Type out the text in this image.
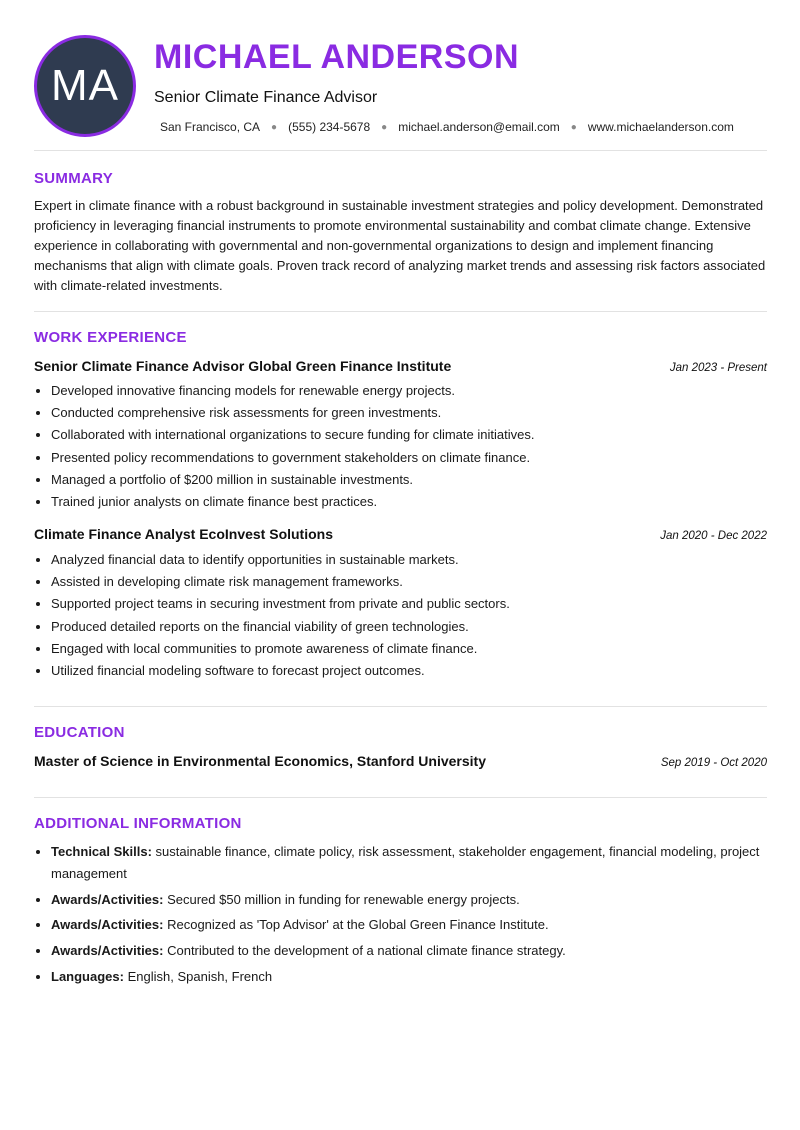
MA
MICHAEL ANDERSON
Senior Climate Finance Advisor
San Francisco, CA ● (555) 234-5678 ● michael.anderson@email.com ● www.michaelanderson.com
SUMMARY
Expert in climate finance with a robust background in sustainable investment strategies and policy development. Demonstrated proficiency in leveraging financial instruments to promote environmental sustainability and combat climate change. Extensive experience in collaborating with governmental and non-governmental organizations to design and implement financing mechanisms that align with climate goals. Proven track record of analyzing market trends and assessing risk factors associated with climate-related investments.
WORK EXPERIENCE
Senior Climate Finance Advisor Global Green Finance Institute	Jan 2023 - Present
• Developed innovative financing models for renewable energy projects.
• Conducted comprehensive risk assessments for green investments.
• Collaborated with international organizations to secure funding for climate initiatives.
• Presented policy recommendations to government stakeholders on climate finance.
• Managed a portfolio of $200 million in sustainable investments.
• Trained junior analysts on climate finance best practices.
Climate Finance Analyst EcoInvest Solutions	Jan 2020 - Dec 2022
• Analyzed financial data to identify opportunities in sustainable markets.
• Assisted in developing climate risk management frameworks.
• Supported project teams in securing investment from private and public sectors.
• Produced detailed reports on the financial viability of green technologies.
• Engaged with local communities to promote awareness of climate finance.
• Utilized financial modeling software to forecast project outcomes.
EDUCATION
Master of Science in Environmental Economics, Stanford University	Sep 2019 - Oct 2020
ADDITIONAL INFORMATION
• Technical Skills: sustainable finance, climate policy, risk assessment, stakeholder engagement, financial modeling, project management
• Awards/Activities: Secured $50 million in funding for renewable energy projects.
• Awards/Activities: Recognized as 'Top Advisor' at the Global Green Finance Institute.
• Awards/Activities: Contributed to the development of a national climate finance strategy.
• Languages: English, Spanish, French
